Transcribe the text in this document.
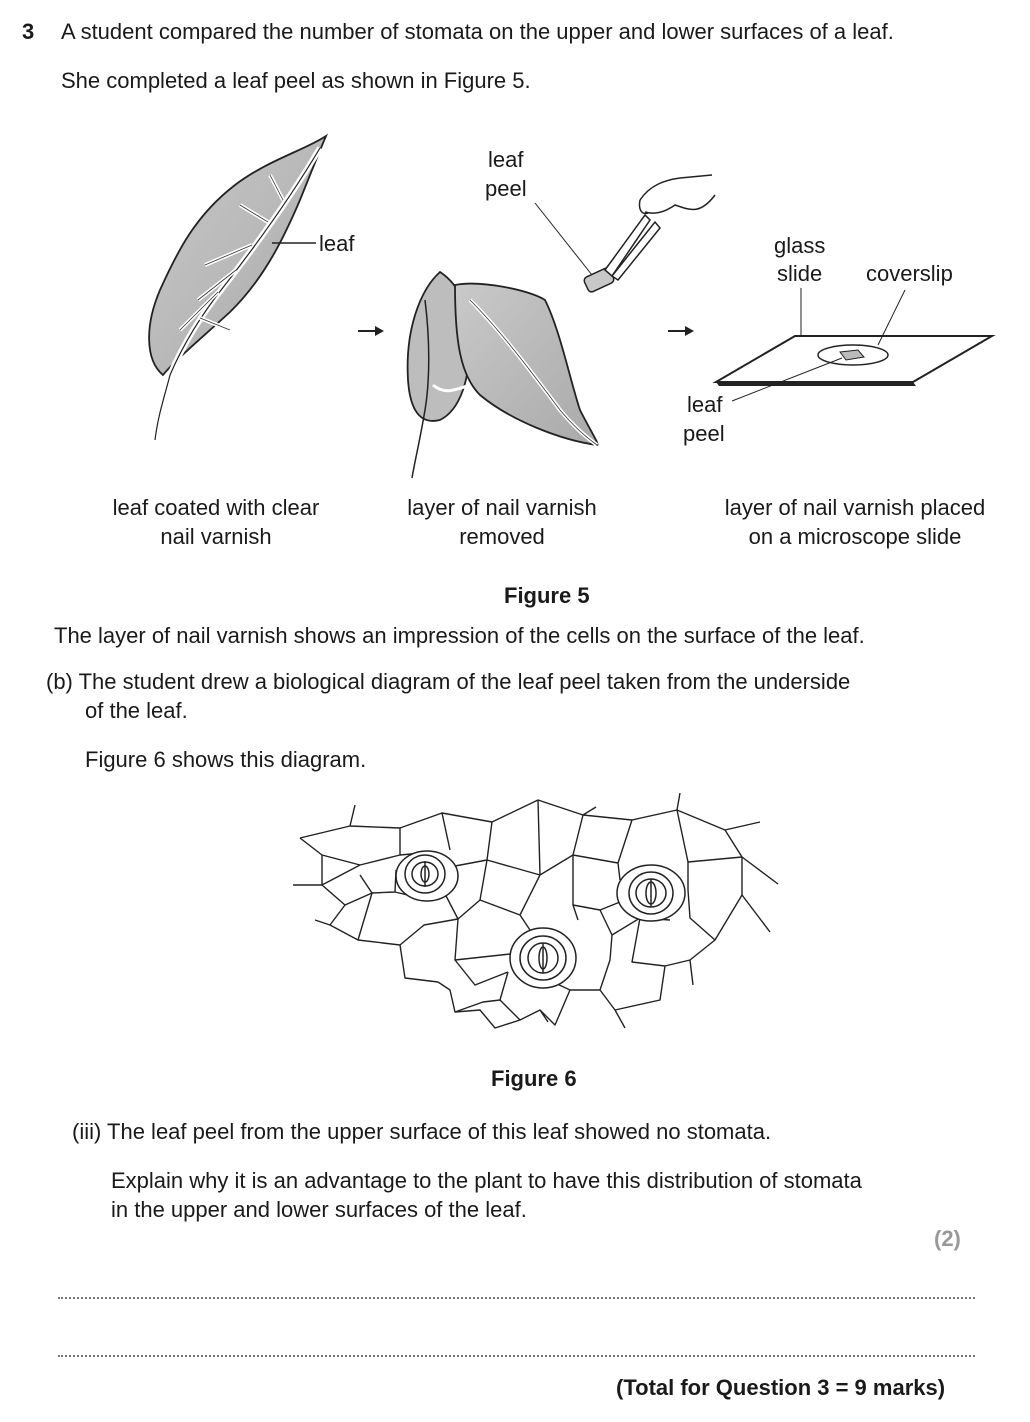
3 A student compared the number of stomata on the upper and lower surfaces of a leaf.
She completed a leaf peel as shown in Figure 5.
leaf
leaf
peel
glass
slide coverslip
leaf
peel
leaf coated with clear
nail varnish
layer of nail varnish
removed
layer of nail varnish placed
on a microscope slide
Figure 5
The layer of nail varnish shows an impression of the cells on the surface of the leaf.
(b) The student drew a biological diagram of the leaf peel taken from the underside
of the leaf.
Figure 6 shows this diagram.
Figure 6
(iii) The leaf peel from the upper surface of this leaf showed no stomata.
Explain why it is an advantage to the plant to have this distribution of stomata
in the upper and lower surfaces of the leaf.
(2)
(Total for Question 3 = 9 marks)
